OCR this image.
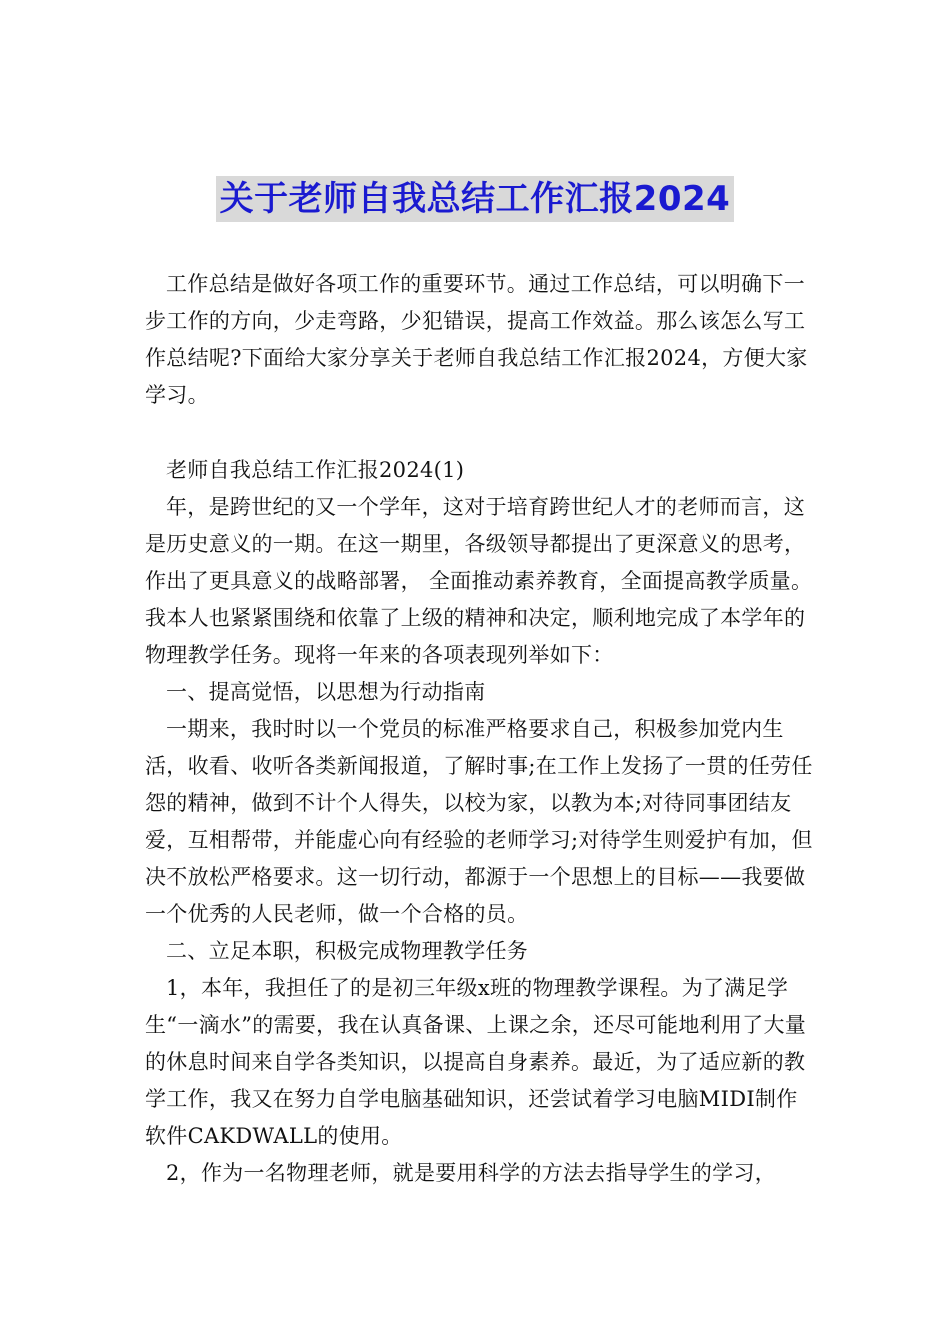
关于老师自我总结工作汇报2024

工作总结是做好各项工作的重要环节。通过工作总结，可以明确下一步工作的方向，少走弯路，少犯错误，提高工作效益。那么该怎么写工作总结呢?下面给大家分享关于老师自我总结工作汇报2024，方便大家学习。

老师自我总结工作汇报2024(1)

年，是跨世纪的又一个学年，这对于培育跨世纪人才的老师而言，这是历史意义的一期。在这一期里，各级领导都提出了更深意义的思考，作出了更具意义的战略部署， 全面推动素养教育，全面提高教学质量。我本人也紧紧围绕和依靠了上级的精神和决定，顺利地完成了本学年的物理教学任务。现将一年来的各项表现列举如下：

一、提高觉悟，以思想为行动指南

一期来，我时时以一个党员的标准严格要求自己，积极参加党内生活，收看、收听各类新闻报道，了解时事;在工作上发扬了一贯的任劳任怨的精神，做到不计个人得失，以校为家，以教为本;对待同事团结友爱，互相帮带，并能虚心向有经验的老师学习;对待学生则爱护有加，但决不放松严格要求。这一切行动，都源于一个思想上的目标——我要做一个优秀的人民老师，做一个合格的员。

二、立足本职，积极完成物理教学任务

1，本年，我担任了的是初三年级x班的物理教学课程。为了满足学生“一滴水”的需要，我在认真备课、上课之余，还尽可能地利用了大量的休息时间来自学各类知识，以提高自身素养。最近，为了适应新的教学工作，我又在努力自学电脑基础知识，还尝试着学习电脑MIDI制作软件CAKDWALL的使用。

2，作为一名物理老师，就是要用科学的方法去指导学生的学习，
